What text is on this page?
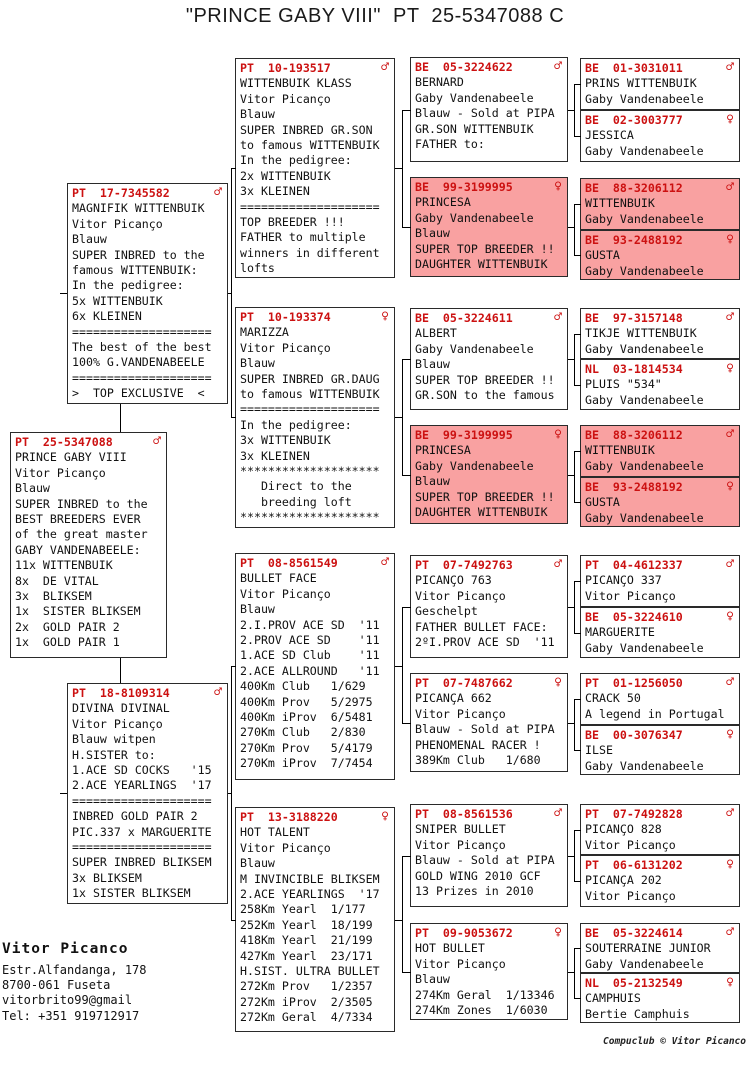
"PRINCE GABY VIII"  PT  25-5347088 C
PT  25-5347088	♂
PRINCE GABY VIII
Vitor Picanço
Blauw
SUPER INBRED to the
BEST BREEDERS EVER
of the great master
GABY VANDENABEELE:
11x WITTENBUIK
8x  DE VITAL
3x  BLIKSEM
1x  SISTER BLIKSEM
2x  GOLD PAIR 2
1x  GOLD PAIR 1
PT  17-7345582	♂
MAGNIFIK WITTENBUIK
Vitor Picanço
Blauw
SUPER INBRED to the
famous WITTENBUIK:
In the pedigree:
5x WITTENBUIK
6x KLEINEN
====================
The best of the best
100% G.VANDENABEELE
====================
>  TOP EXCLUSIVE  <
PT  18-8109314	♂
DIVINA DIVINAL
Vitor Picanço
Blauw witpen
H.SISTER to:
1.ACE SD COCKS   '15
2.ACE YEARLINGS  '17
====================
INBRED GOLD PAIR 2
PIC.337 x MARGUERITE
====================
SUPER INBRED BLIKSEM
3x BLIKSEM
1x SISTER BLIKSEM
PT  10-193517	♂
WITTENBUIK KLASS
Vitor Picanço
Blauw
SUPER INBRED GR.SON
to famous WITTENBUIK
In the pedigree:
2x WITTENBUIK
3x KLEINEN
====================
TOP BREEDER !!!
FATHER to multiple
winners in different
lofts
PT  10-193374	♀
MARIZZA
Vitor Picanço
Blauw
SUPER INBRED GR.DAUG
to famous WITTENBUIK
====================
In the pedigree:
3x WITTENBUIK
3x KLEINEN
********************
Direct to the
breeding loft
********************
PT  08-8561549	♂
BULLET FACE
Vitor Picanço
Blauw
2.I.PROV ACE SD  '11
2.PROV ACE SD    '11
1.ACE SD Club    '11
2.ACE ALLROUND   '11
400Km Club   1/629
400Km Prov   5/2975
400Km iProv  6/5481
270Km Club   2/830
270Km Prov   5/4179
270Km iProv  7/7454
PT  13-3188220	♀
HOT TALENT
Vitor Picanço
Blauw
M INVINCIBLE BLIKSEM
2.ACE YEARLINGS  '17
258Km Yearl  1/177
252Km Yearl  18/199
418Km Yearl  21/199
427Km Yearl  23/171
H.SIST. ULTRA BULLET
272Km Prov   1/2357
272Km iProv  2/3505
272Km Geral  4/7334
BE  05-3224622	♂
BERNARD
Gaby Vandenabeele
Blauw - Sold at PIPA
GR.SON WITTENBUIK
FATHER to:
BE  99-3199995	♀
PRINCESA
Gaby Vandenabeele
Blauw
SUPER TOP BREEDER !!
DAUGHTER WITTENBUIK
BE  05-3224611	♂
ALBERT
Gaby Vandenabeele
Blauw
SUPER TOP BREEDER !!
GR.SON to the famous
BE  99-3199995	♀
PRINCESA
Gaby Vandenabeele
Blauw
SUPER TOP BREEDER !!
DAUGHTER WITTENBUIK
PT  07-7492763	♂
PICANÇO 763
Vitor Picanço
Geschelpt
FATHER BULLET FACE:
2ºI.PROV ACE SD  '11
PT  07-7487662	♀
PICANÇA 662
Vitor Picanço
Blauw - Sold at PIPA
PHENOMENAL RACER !
389Km Club   1/680
PT  08-8561536	♂
SNIPER BULLET
Vitor Picanço
Blauw - Sold at PIPA
GOLD WING 2010 GCF
13 Prizes in 2010
PT  09-9053672	♀
HOT BULLET
Vitor Picanço
Blauw
274Km Geral  1/13346
274Km Zones  1/6030
BE  01-3031011	♂
PRINS WITTENBUIK
Gaby Vandenabeele
BE  02-3003777	♀
JESSICA
Gaby Vandenabeele
BE  88-3206112	♂
WITTENBUIK
Gaby Vandenabeele
BE  93-2488192	♀
GUSTA
Gaby Vandenabeele
BE  97-3157148	♂
TIKJE WITTENBUIK
Gaby Vandenabeele
NL  03-1814534	♀
PLUIS "534"
Gaby Vandenabeele
BE  88-3206112	♂
WITTENBUIK
Gaby Vandenabeele
BE  93-2488192	♀
GUSTA
Gaby Vandenabeele
PT  04-4612337	♂
PICANÇO 337
Vitor Picanço
BE  05-3224610	♀
MARGUERITE
Gaby Vandenabeele
PT  01-1256050	♂
CRACK 50
A legend in Portugal
BE  00-3076347	♀
ILSE
Gaby Vandenabeele
PT  07-7492828	♂
PICANÇO 828
Vitor Picanço
PT  06-6131202	♀
PICANÇA 202
Vitor Picanço
BE  05-3224614	♂
SOUTERRAINE JUNIOR
Gaby Vandenabeele
NL  05-2132549	♀
CAMPHUIS
Bertie Camphuis
Vitor Picanco
Estr.Alfandanga, 178
8700-061 Fuseta
vitorbrito99@gmail
Tel: +351 919712917
Compuclub © Vitor Picanco
